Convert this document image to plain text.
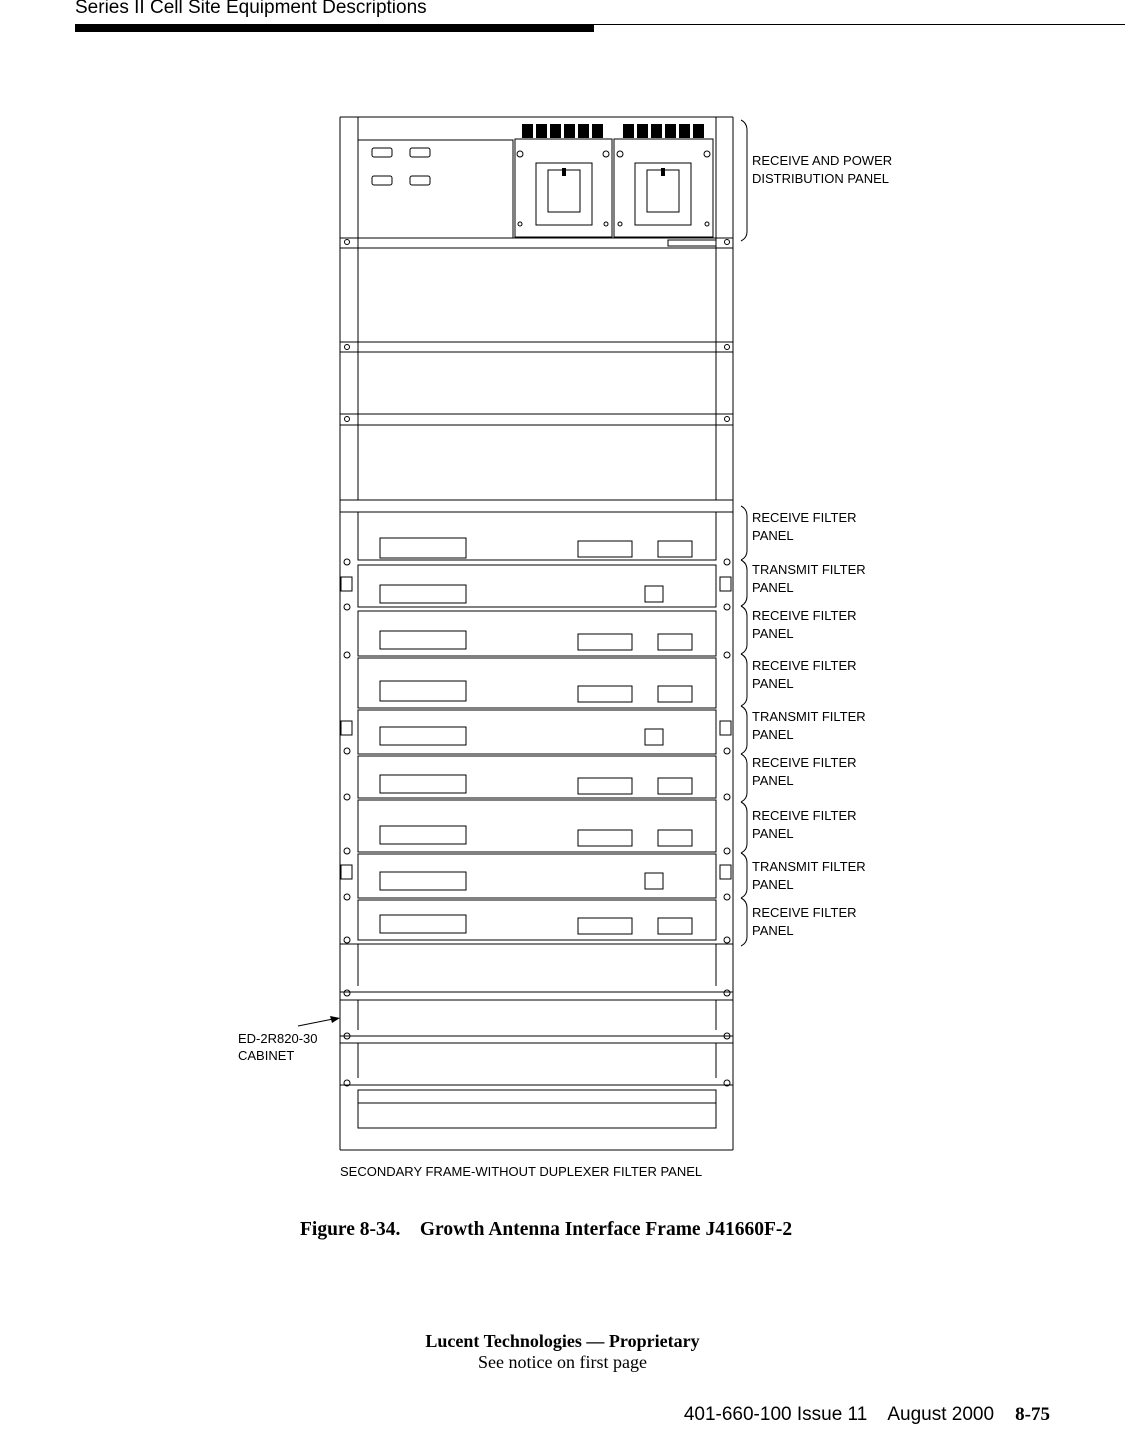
Series II Cell Site Equipment Descriptions
RECEIVE AND POWER
DISTRIBUTION PANEL
RECEIVE FILTER
PANEL
TRANSMIT FILTER
PANEL
RECEIVE FILTER
PANEL
RECEIVE FILTER
PANEL
TRANSMIT FILTER
PANEL
RECEIVE FILTER
PANEL
RECEIVE FILTER
PANEL
TRANSMIT FILTER
PANEL
RECEIVE FILTER
PANEL
ED-2R820-30
CABINET
SECONDARY FRAME-WITHOUT DUPLEXER FILTER PANEL
Figure 8-34.    Growth Antenna Interface Frame J41660F-2
Lucent Technologies — Proprietary
See notice on first page
401-660-100 Issue 11    August 2000    8-75
